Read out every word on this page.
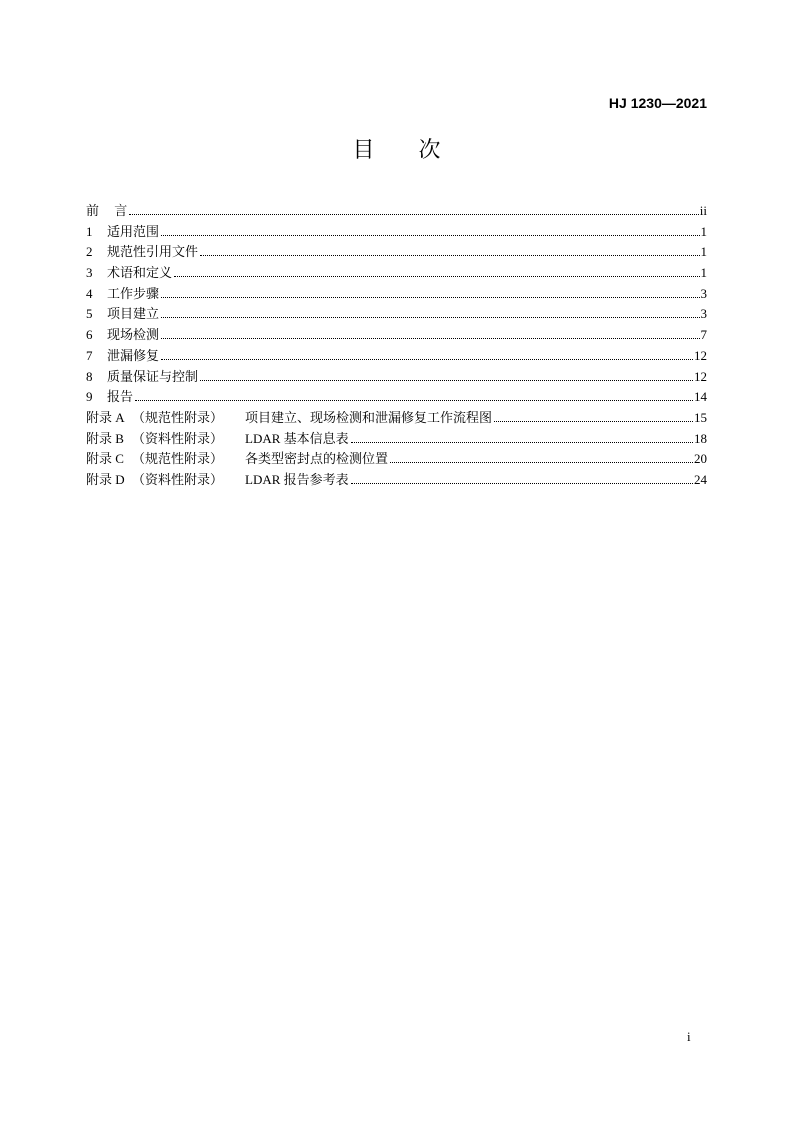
HJ 1230—2021
目 次
前 言	ii
1	适用范围	1
2	规范性引用文件	1
3	术语和定义	1
4	工作步骤	3
5	项目建立	3
6	现场检测	7
7	泄漏修复	12
8	质量保证与控制	12
9	报告	14
附录 A （规范性附录）	项目建立、现场检测和泄漏修复工作流程图	15
附录 B （资料性附录）	LDAR 基本信息表	18
附录 C （规范性附录）	各类型密封点的检测位置	20
附录 D （资料性附录）	LDAR 报告参考表	24
i
